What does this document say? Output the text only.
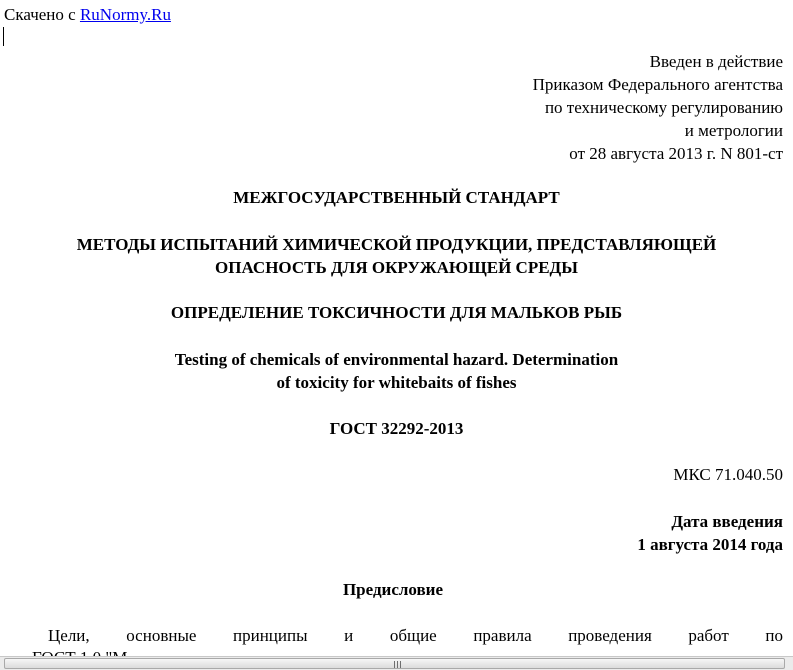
Скачено с RuNormy.Ru
Введен в действие
Приказом Федерального агентства
по техническому регулированию
и метрологии
от 28 августа 2013 г. N 801-ст
МЕЖГОСУДАРСТВЕННЫЙ СТАНДАРТ
МЕТОДЫ ИСПЫТАНИЙ ХИМИЧЕСКОЙ ПРОДУКЦИИ, ПРЕДСТАВЛЯЮЩЕЙ
ОПАСНОСТЬ ДЛЯ ОКРУЖАЮЩЕЙ СРЕДЫ
ОПРЕДЕЛЕНИЕ ТОКСИЧНОСТИ ДЛЯ МАЛЬКОВ РЫБ
Testing of chemicals of environmental hazard. Determination
of toxicity for whitebaits of fishes
ГОСТ 32292-2013
МКС 71.040.50
Дата введения
1 августа 2014 года
Предисловие
Цели, основные принципы и общие правила проведения работ по
